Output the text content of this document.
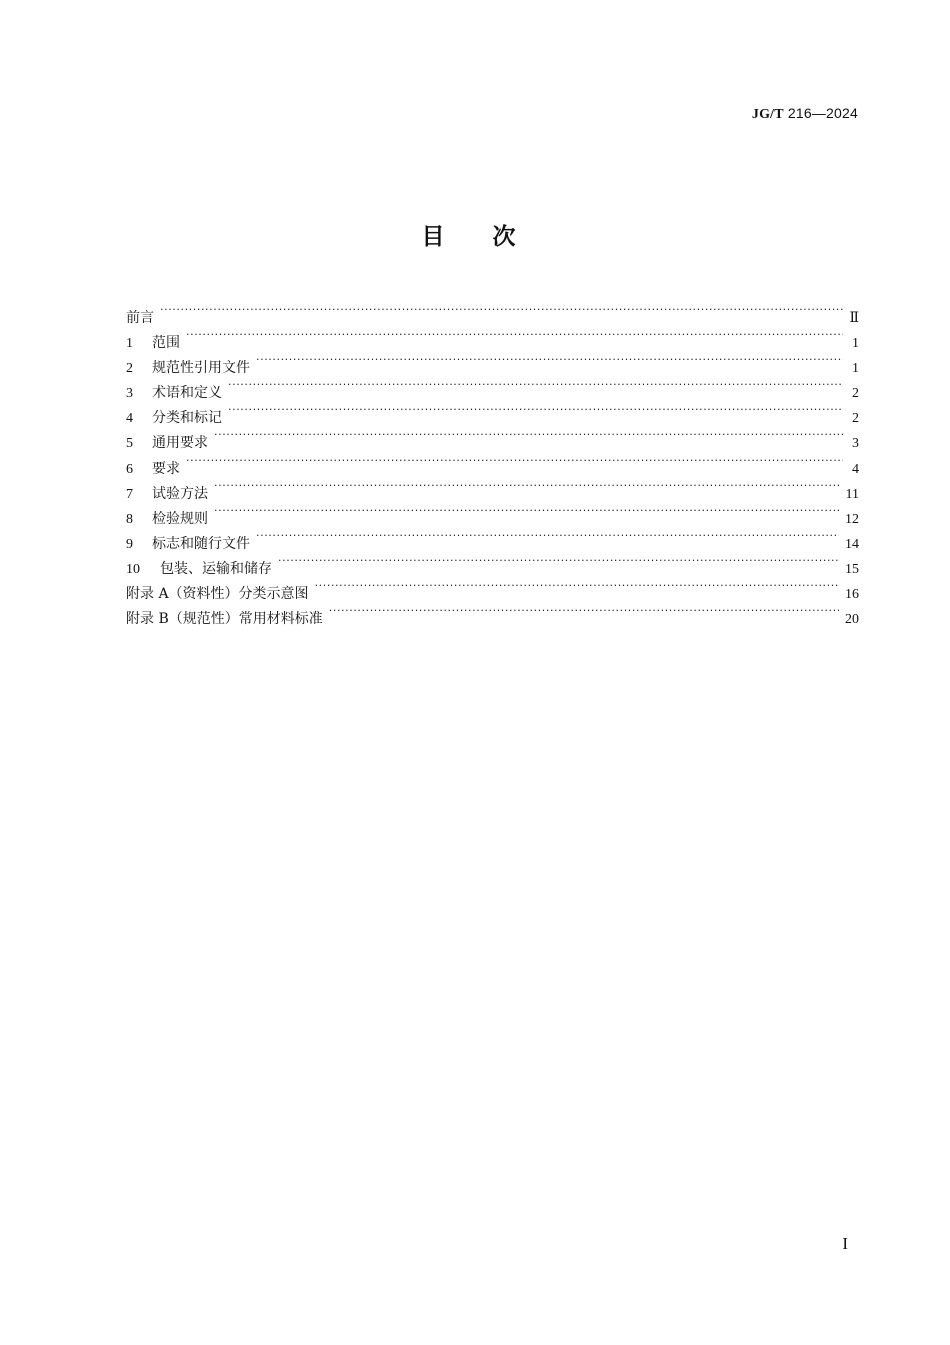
JG/T 216—2024
目次
前言 ·····	Ⅱ
1	范围 ·····	1
2	规范性引用文件 ·····	1
3	术语和定义 ·····	2
4	分类和标记 ·····	2
5	通用要求 ·····	3
6	要求 ·····	4
7	试验方法 ·····	11
8	检验规则 ·····	12
9	标志和随行文件 ·····	14
10	包装、运输和储存 ·····	15
附录 A（资料性）分类示意图 ·····	16
附录 B（规范性）常用材料标准 ·····	20
I
